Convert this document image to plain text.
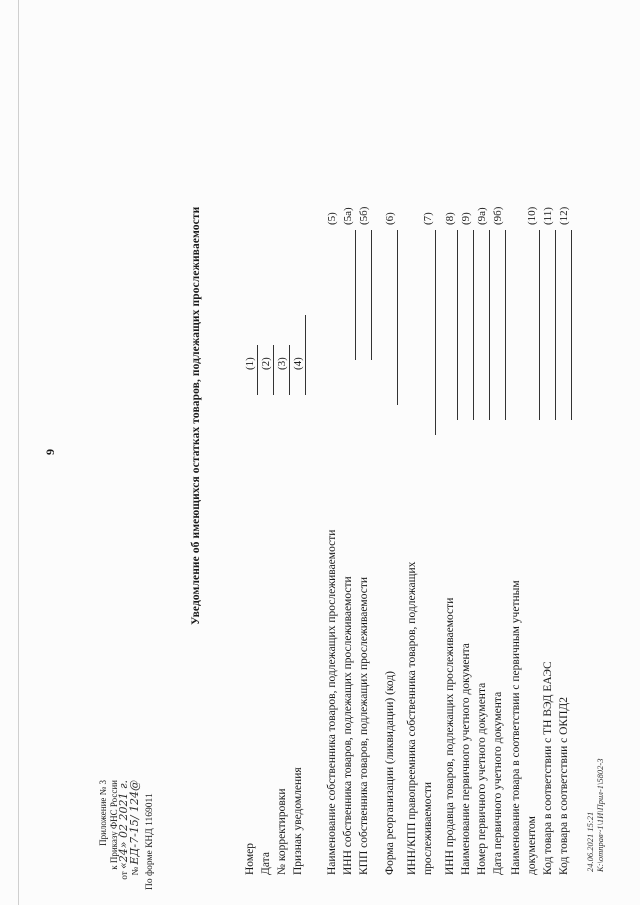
9
По форме КНД 1169011
Приложение № 3 к Приказу ФНС России
от «24» 02 2021 г.
№ ЕД-7-15/ 124@
Уведомление об имеющихся остатках товаров, подлежащих прослеживаемости
Номер
(1)
Дата
(2)
№ корректировки
(3)
Признак уведомления
(4)
Наименование собственника товаров, подлежащих прослеживаемости
(5)
ИНН собственника товаров, подлежащих прослеживаемости
(5а)
КПП собственника товаров, подлежащих прослеживаемости
(5б)
Форма реорганизации (ликвидации) (код)
(6)
ИНН/КПП правопреемника собственника товаров, подлежащих прослеживаемости
(7)
ИНН продавца товаров, подлежащих прослеживаемости
(8)
Наименование первичного учетного документа
(9)
Номер первичного учетного документа
(9а)
Дата первичного учетного документа
(9б)
Наименование товара в соответствии с первичным учетным документом
(10)
Код товара в соответствии с ТН ВЭД ЕАЭС
(11)
Код товара в соответствии с ОКПД2
(12)
24.06.2021 15:21 К:\отправ~1\1И\Прил-1\5802-3
